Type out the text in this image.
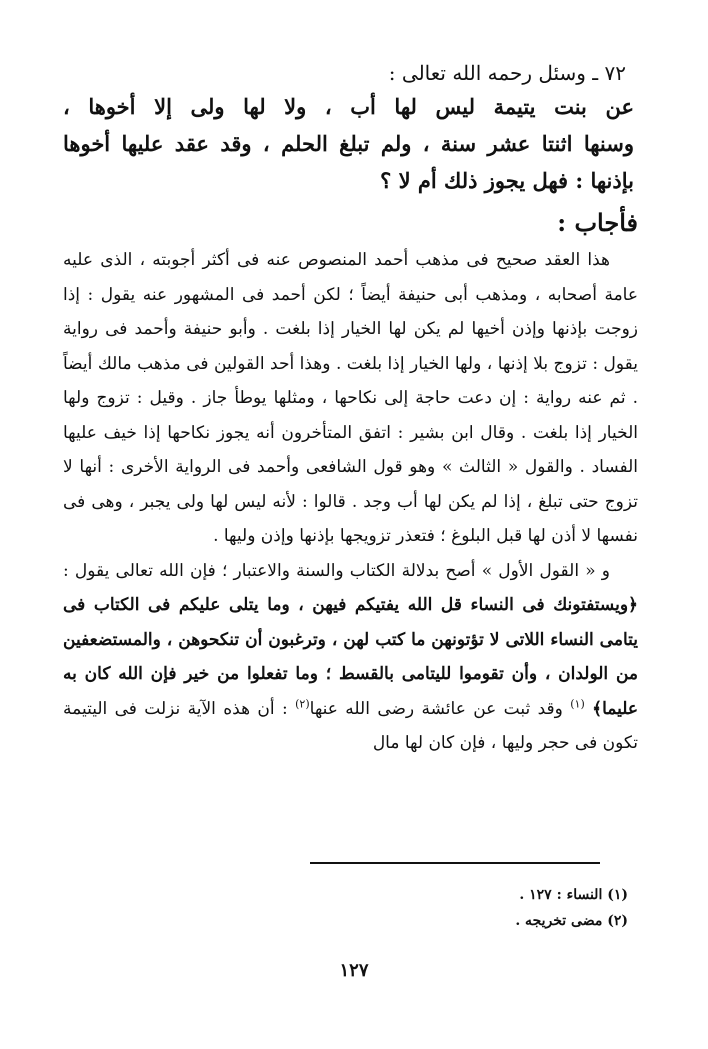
٧٢ ـ وسئل رحمه الله تعالى :
عن بنت يتيمة ليس لها أب ، ولا لها ولى إلا أخوها ،
وسنها اثنتا عشر سنة ، ولم تبلغ الحلم ، وقد عقد عليها أخوها
بإذنها : فهل يجوز ذلك أم لا ؟
فأجاب :

هذا العقد صحيح فى مذهب أحمد المنصوص عنه فى أكثر أجوبته ، الذى عليه عامة أصحابه ، ومذهب أبى حنيفة أيضاً ؛ لكن أحمد فى المشهور عنه يقول : إذا زوجت بإذنها وإذن أخيها لم يكن لها الخيار إذا بلغت . وأبو حنيفة وأحمد فى رواية يقول : تزوج بلا إذنها ، ولها الخيار إذا بلغت . وهذا أحد القولين فى مذهب مالك أيضاً . ثم عنه رواية : إن دعت حاجة إلى نكاحها ، ومثلها يوطأ جاز . وقيل : تزوج ولها الخيار إذا بلغت . وقال ابن بشير : اتفق المتأخرون أنه يجوز نكاحها إذا خيف عليها الفساد . والقول « الثالث » وهو قول الشافعى وأحمد فى الرواية الأخرى : أنها لا تزوج حتى تبلغ ، إذا لم يكن لها أب وجد . قالوا : لأنه ليس لها ولى يجبر ، وهى فى نفسها لا أذن لها قبل البلوغ ؛ فتعذر تزويجها بإذنها وإذن وليها .

و « القول الأول » أصح بدلالة الكتاب والسنة والاعتبار ؛ فإن الله تعالى يقول : ﴿ويستفتونك فى النساء قل الله يفتيكم فيهن ، وما يتلى عليكم فى الكتاب فى يتامى النساء اللاتى لا تؤتونهن ما كتب لهن ، وترغبون أن تنكحوهن ، والمستضعفين من الولدان ، وأن تقوموا لليتامى بالقسط ؛ وما تفعلوا من خير فإن الله كان به عليما﴾ $^{(١)}$ وقد ثبت عن عائشة رضى الله عنها$^{(٢)}$ : أن هذه الآية نزلت فى اليتيمة تكون فى حجر وليها ، فإن كان لها مال

(١) النساء : ١٢٧ .
(٢) مضى تخريجه .
١٢٧
